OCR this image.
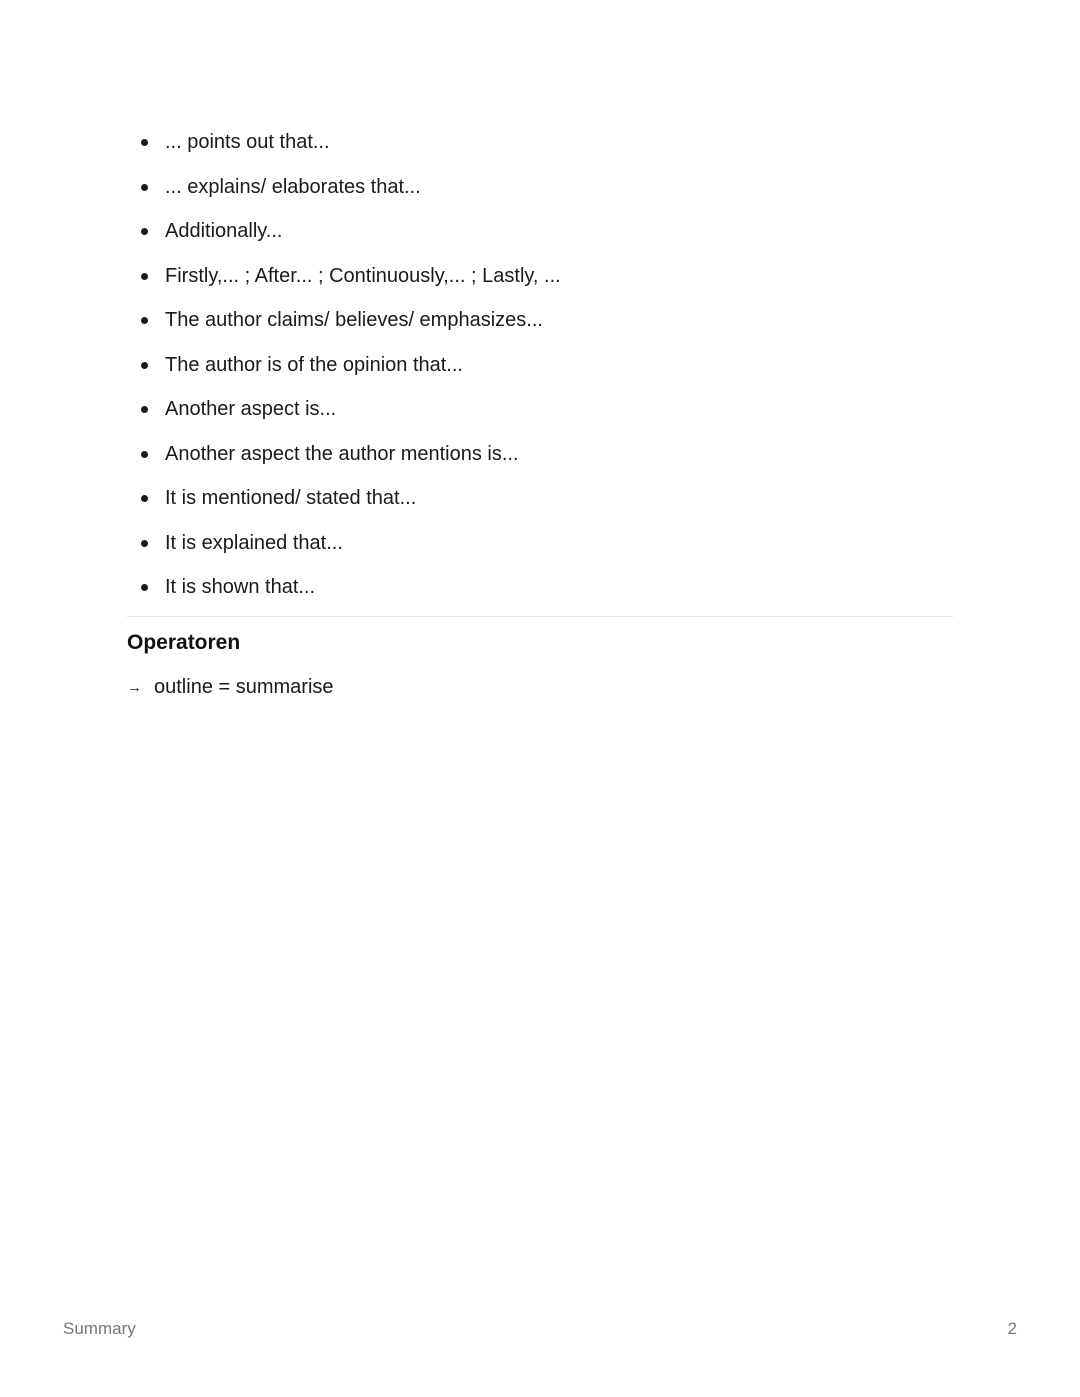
... points out that...
... explains/ elaborates that...
Additionally...
Firstly,... ; After... ; Continuously,... ; Lastly, ...
The author claims/ believes/ emphasizes...
The author is of the opinion that...
Another aspect is...
Another aspect the author mentions is...
It is mentioned/ stated that...
It is explained that...
It is shown that...
Operatoren
→ outline = summarise
Summary	2
